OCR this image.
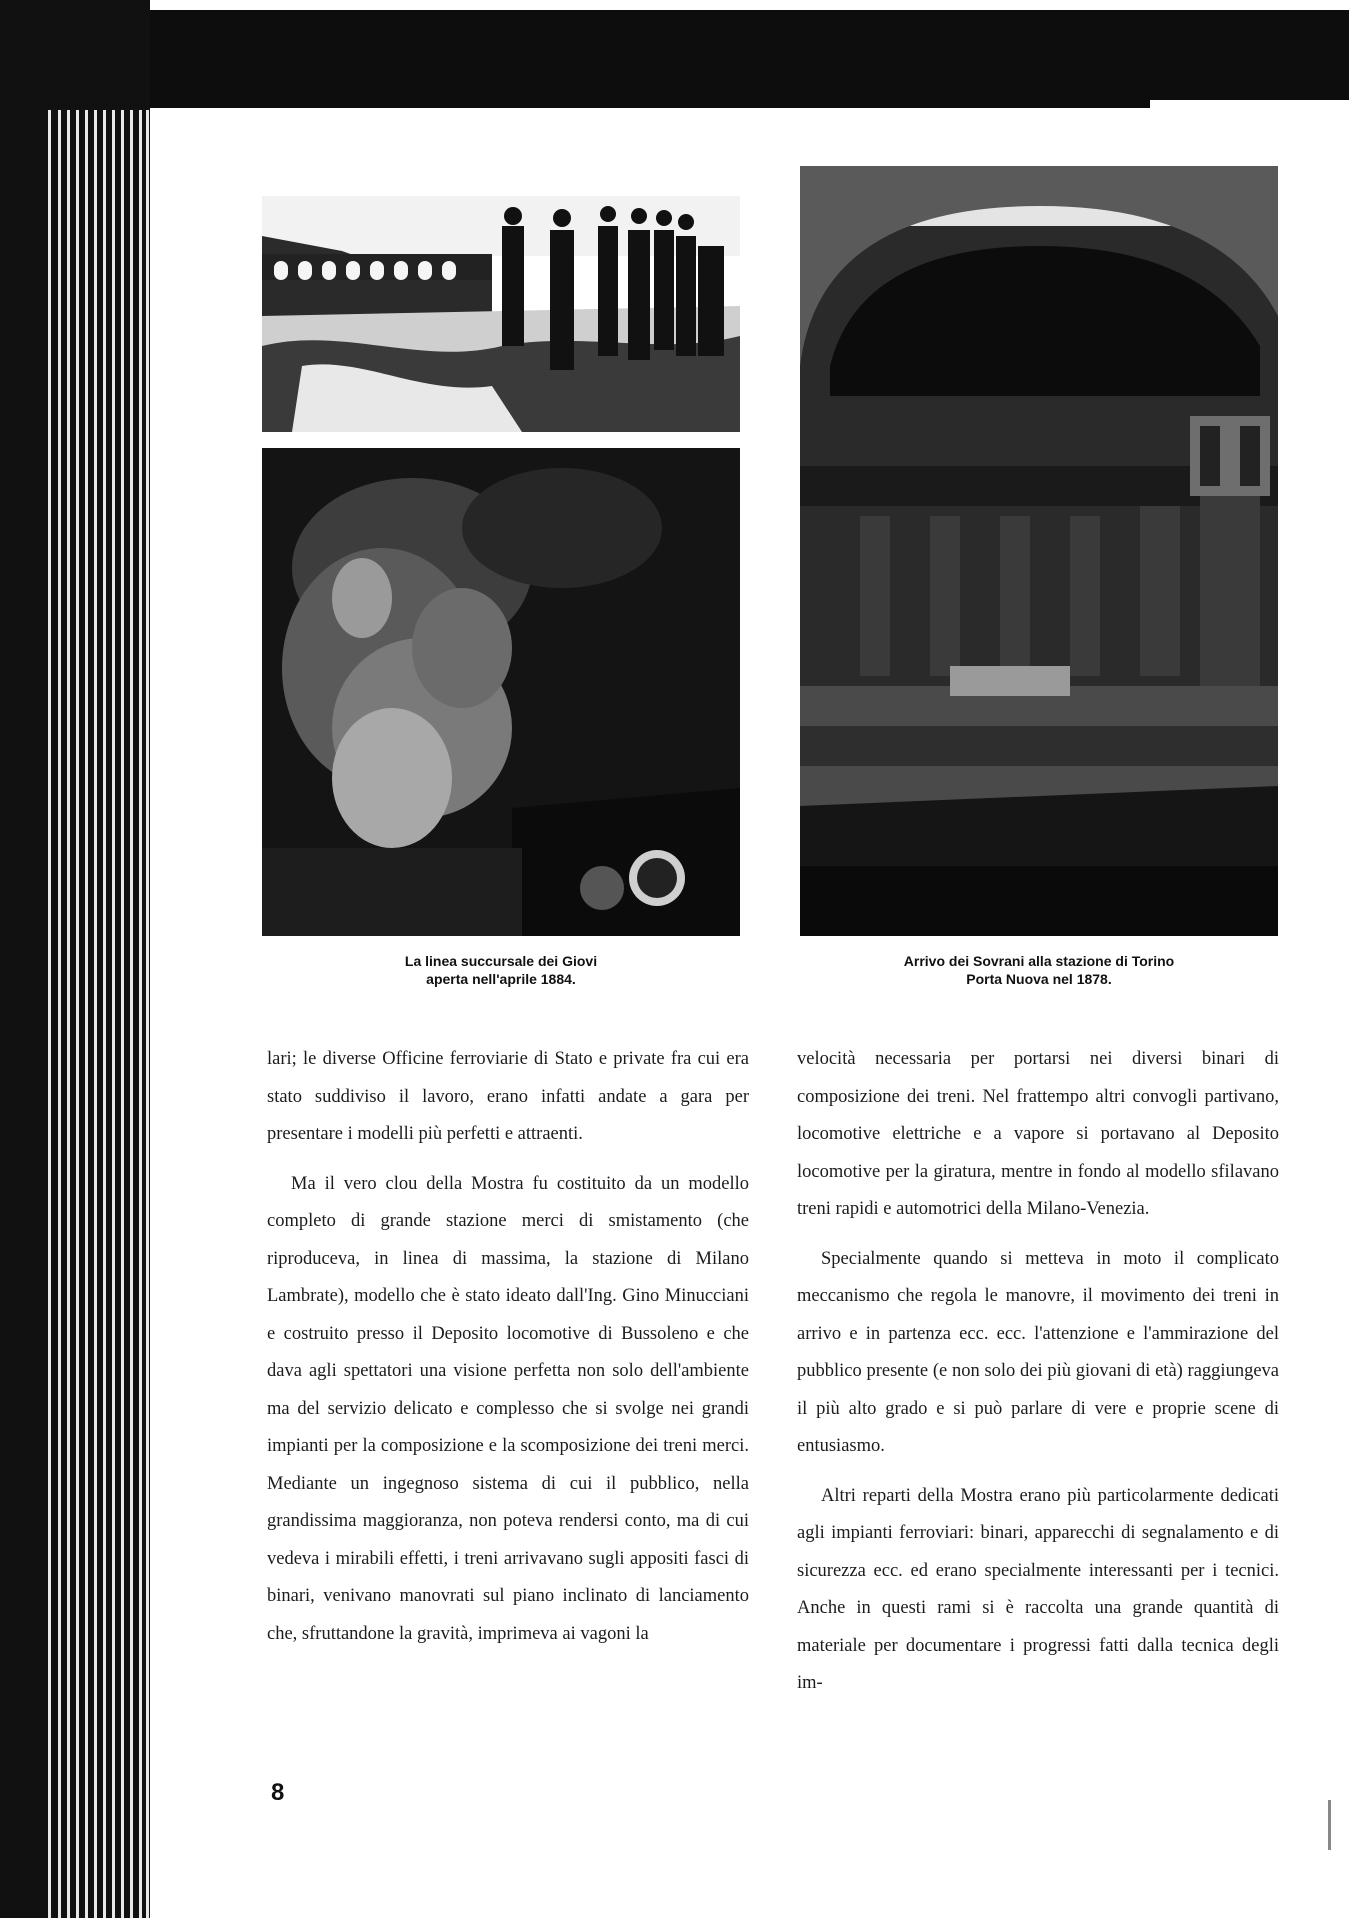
La linea succursale dei Giovi
aperta nell'aprile 1884.
Arrivo dei Sovrani alla stazione di Torino
Porta Nuova nel 1878.

lari; le diverse Officine ferroviarie di Stato e private fra cui era stato suddiviso il lavoro, erano infatti andate a gara per presentare i modelli più perfetti e attraenti.

Ma il vero clou della Mostra fu costituito da un modello completo di grande stazione merci di smistamento (che riproduceva, in linea di massima, la stazione di Milano Lambrate), modello che è stato ideato dall'Ing. Gino Minucciani e costruito presso il Deposito locomotive di Bussoleno e che dava agli spettatori una visione perfetta non solo dell'ambiente ma del servizio delicato e complesso che si svolge nei grandi impianti per la composizione e la scomposizione dei treni merci. Mediante un ingegnoso sistema di cui il pubblico, nella grandissima maggioranza, non poteva rendersi conto, ma di cui vedeva i mirabili effetti, i treni arrivavano sugli appositi fasci di binari, venivano manovrati sul piano inclinato di lanciamento che, sfruttandone la gravità, imprimeva ai vagoni la

velocità necessaria per portarsi nei diversi binari di composizione dei treni. Nel frattempo altri convogli partivano, locomotive elettriche e a vapore si portavano al Deposito locomotive per la giratura, mentre in fondo al modello sfilavano treni rapidi e automotrici della Milano-Venezia.

Specialmente quando si metteva in moto il complicato meccanismo che regola le manovre, il movimento dei treni in arrivo e in partenza ecc. ecc. l'attenzione e l'ammirazione del pubblico presente (e non solo dei più giovani di età) raggiungeva il più alto grado e si può parlare di vere e proprie scene di entusiasmo.

Altri reparti della Mostra erano più particolarmente dedicati agli impianti ferroviari: binari, apparecchi di segnalamento e di sicurezza ecc. ed erano specialmente interessanti per i tecnici. Anche in questi rami si è raccolta una grande quantità di materiale per documentare i progressi fatti dalla tecnica degli im-

8
